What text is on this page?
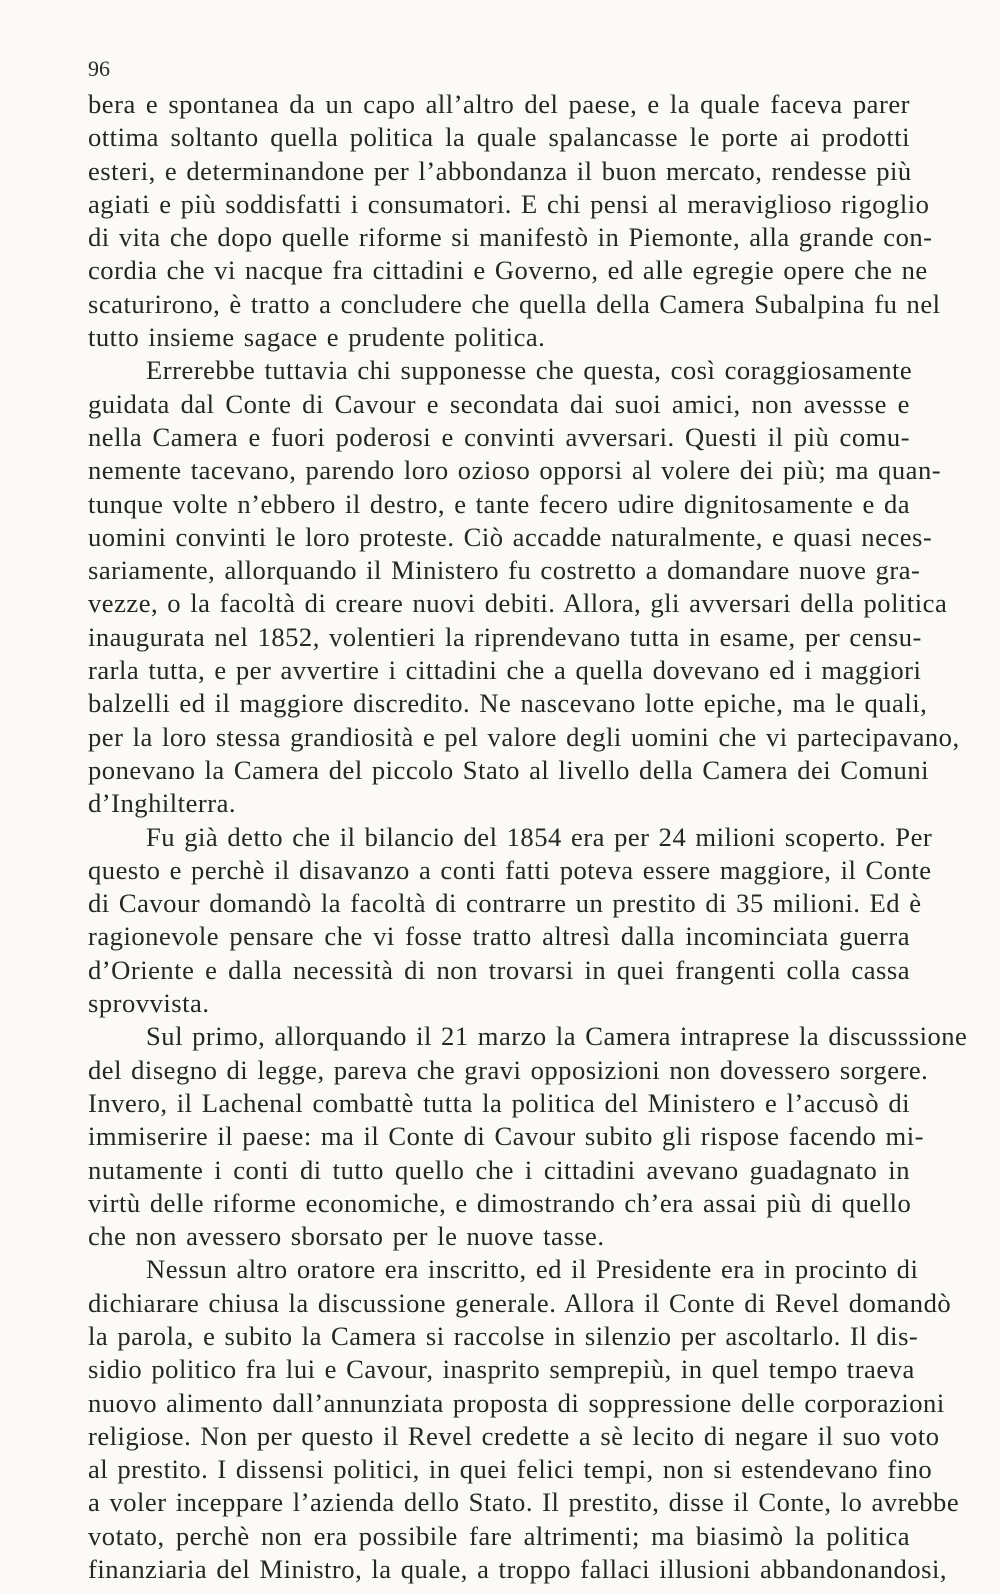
96

bera e spontanea da un capo all’altro del paese, e la quale faceva parer
ottima soltanto quella politica la quale spalancasse le porte ai prodotti
esteri, e determinandone per l’abbondanza il buon mercato, rendesse più
agiati e più soddisfatti i consumatori. E chi pensi al meraviglioso rigoglio
di vita che dopo quelle riforme si manifestò in Piemonte, alla grande con-
cordia che vi nacque fra cittadini e Governo, ed alle egregie opere che ne
scaturirono, è tratto a concludere che quella della Camera Subalpina fu nel
tutto insieme sagace e prudente politica.

Errerebbe tuttavia chi supponesse che questa, così coraggiosamente
guidata dal Conte di Cavour e secondata dai suoi amici, non avessse e
nella Camera e fuori poderosi e convinti avversari. Questi il più comu-
nemente tacevano, parendo loro ozioso opporsi al volere dei più; ma quan-
tunque volte n’ebbero il destro, e tante fecero udire dignitosamente e da
uomini convinti le loro proteste. Ciò accadde naturalmente, e quasi neces-
sariamente, allorquando il Ministero fu costretto a domandare nuove gra-
vezze, o la facoltà di creare nuovi debiti. Allora, gli avversari della politica
inaugurata nel 1852, volentieri la riprendevano tutta in esame, per censu-
rarla tutta, e per avvertire i cittadini che a quella dovevano ed i maggiori
balzelli ed il maggiore discredito. Ne nascevano lotte epiche, ma le quali,
per la loro stessa grandiosità e pel valore degli uomini che vi partecipavano,
ponevano la Camera del piccolo Stato al livello della Camera dei Comuni
d’Inghilterra.

Fu già detto che il bilancio del 1854 era per 24 milioni scoperto. Per
questo e perchè il disavanzo a conti fatti poteva essere maggiore, il Conte
di Cavour domandò la facoltà di contrarre un prestito di 35 milioni. Ed è
ragionevole pensare che vi fosse tratto altresì dalla incominciata guerra
d’Oriente e dalla necessità di non trovarsi in quei frangenti colla cassa
sprovvista.

Sul primo, allorquando il 21 marzo la Camera intraprese la discusssione
del disegno di legge, pareva che gravi opposizioni non dovessero sorgere.
Invero, il Lachenal combattè tutta la politica del Ministero e l’accusò di
immiserire il paese: ma il Conte di Cavour subito gli rispose facendo mi-
nutamente i conti di tutto quello che i cittadini avevano guadagnato in
virtù delle riforme economiche, e dimostrando ch’era assai più di quello
che non avessero sborsato per le nuove tasse.

Nessun altro oratore era inscritto, ed il Presidente era in procinto di
dichiarare chiusa la discussione generale. Allora il Conte di Revel domandò
la parola, e subito la Camera si raccolse in silenzio per ascoltarlo. Il dis-
sidio politico fra lui e Cavour, inasprito semprepiù, in quel tempo traeva
nuovo alimento dall’annunziata proposta di soppressione delle corporazioni
religiose. Non per questo il Revel credette a sè lecito di negare il suo voto
al prestito. I dissensi politici, in quei felici tempi, non si estendevano fino
a voler inceppare l’azienda dello Stato. Il prestito, disse il Conte, lo avrebbe
votato, perchè non era possibile fare altrimenti; ma biasimò la politica
finanziaria del Ministro, la quale, a troppo fallaci illusioni abbandonandosi,
